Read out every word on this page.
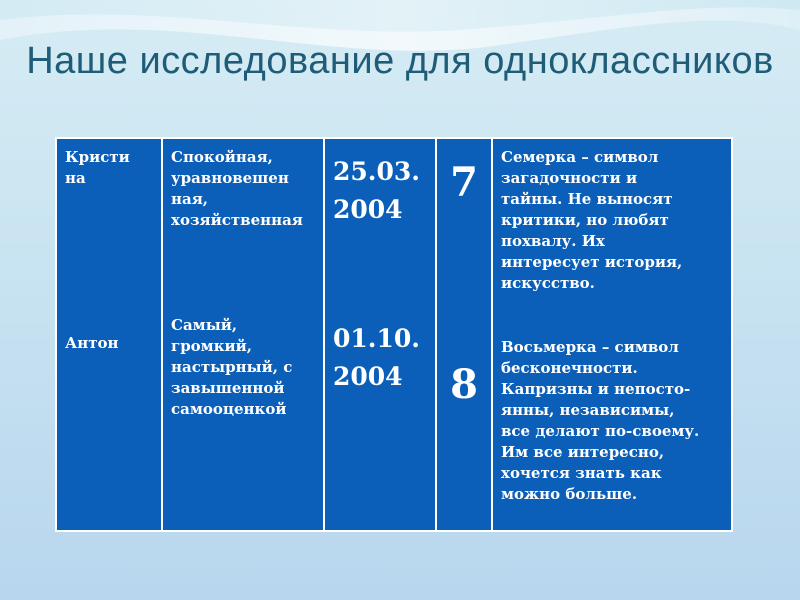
Наше исследование для одноклассников
Кристи
на
Антон
Спокойная,
уравновешен
ная,
хозяйственная
Самый,
громкий,
настырный, с
завышенной
самооценкой
25.03.
2004
01.10.
2004
7
8
Семерка – символ
загадочности и
тайны. Не выносят
критики, но любят
похвалу. Их
интересует история,
искусство.
Восьмерка – символ
бесконечности.
Капризны и непосто-
янны, независимы,
все делают по-своему.
Им все интересно,
хочется знать как
можно больше.
